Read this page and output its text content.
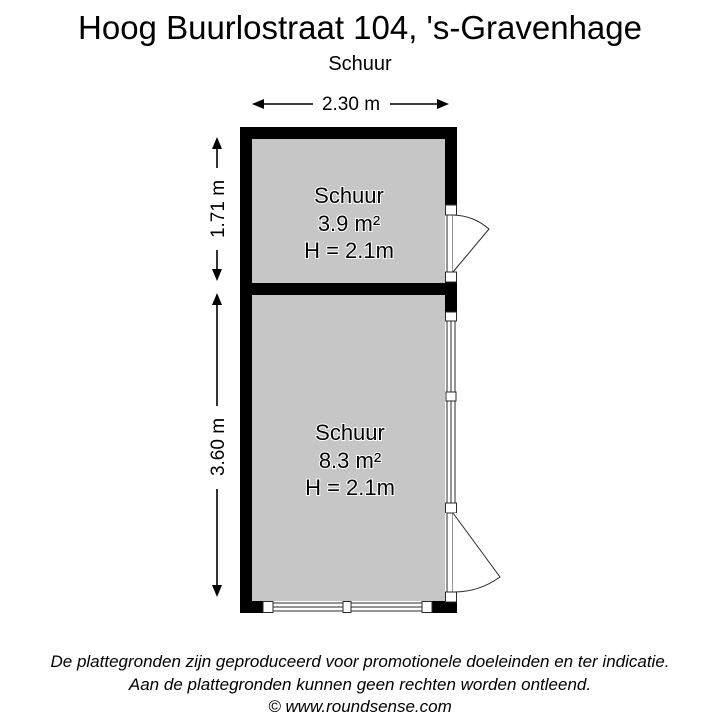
Hoog Buurlostraat 104, 's-Gravenhage
Schuur
2.30 m
1.71 m
3.60 m
Schuur
3.9 m²
H = 2.1m
Schuur
8.3 m²
H = 2.1m
De plattegronden zijn geproduceerd voor promotionele doeleinden en ter indicatie.
Aan de plattegronden kunnen geen rechten worden ontleend.
© www.roundsense.com
